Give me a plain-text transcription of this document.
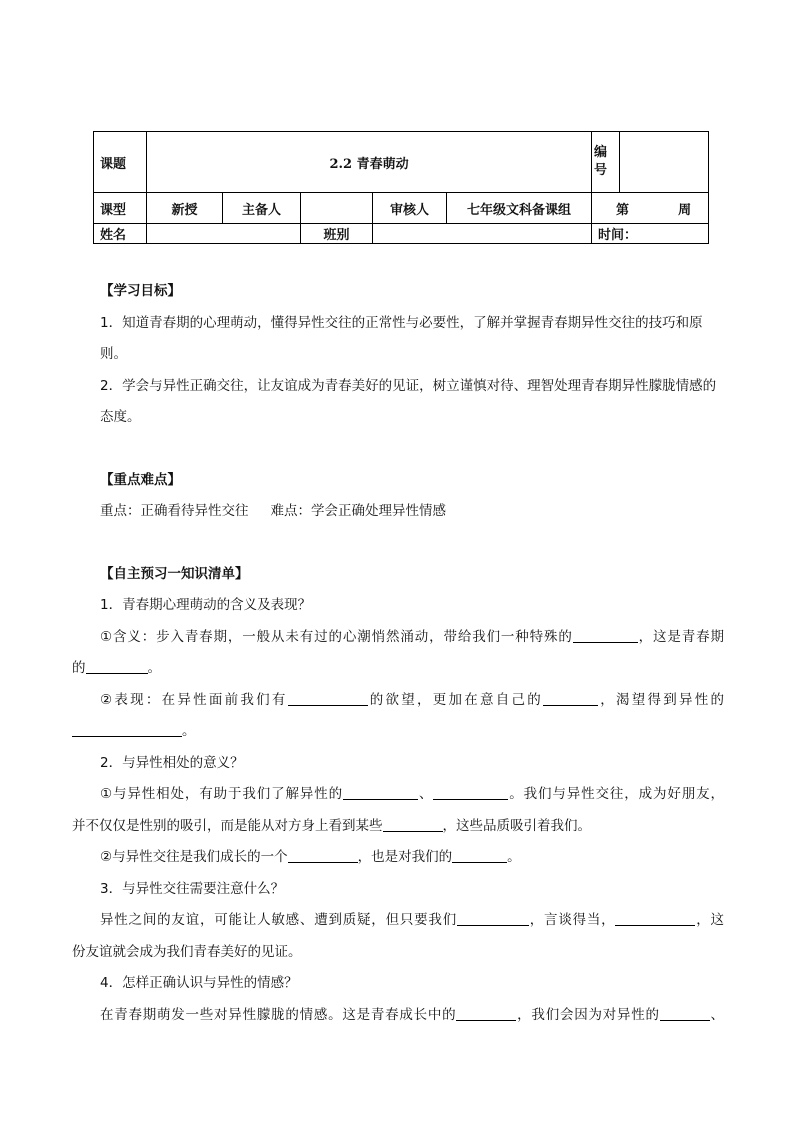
课题	2.2 青春萌动					编号	
课型	新授	主备人		审核人	七年级文科备课组	第 周	
姓名			班别			时间：	

【学习目标】

1．知道青春期的心理萌动，懂得异性交往的正常性与必要性，了解并掌握青春期异性交往的技巧和原则。

2．学会与异性正确交往，让友谊成为青春美好的见证，树立谨慎对待、理智处理青春期异性朦胧情感的态度。

【重点难点】

重点：正确看待异性交往 难点：学会正确处理异性情感

【自主预习一知识清单】

1．青春期心理萌动的含义及表现？

①含义：步入青春期，一般从未有过的心潮悄然涌动，带给我们一种特殊的	，这是青春期

的	。

②表现：在异性面前我们有	的欲望，更加在意自己的	，渴望得到异性的

。

2．与异性相处的意义？

①与异性相处，有助于我们了解异性的	、	。我们与异性交往，成为好朋友，

并不仅仅是性别的吸引，而是能从对方身上看到某些	，这些品质吸引着我们。

②与异性交往是我们成长的一个	，也是对我们的	。

3．与异性交往需要注意什么？

异性之间的友谊，可能让人敏感、遭到质疑，但只要我们	，言谈得当，	，这

份友谊就会成为我们青春美好的见证。

4．怎样正确认识与异性的情感？

在青春期萌发一些对异性朦胧的情感。这是青春成长中的	，我们会因为对异性的	、
